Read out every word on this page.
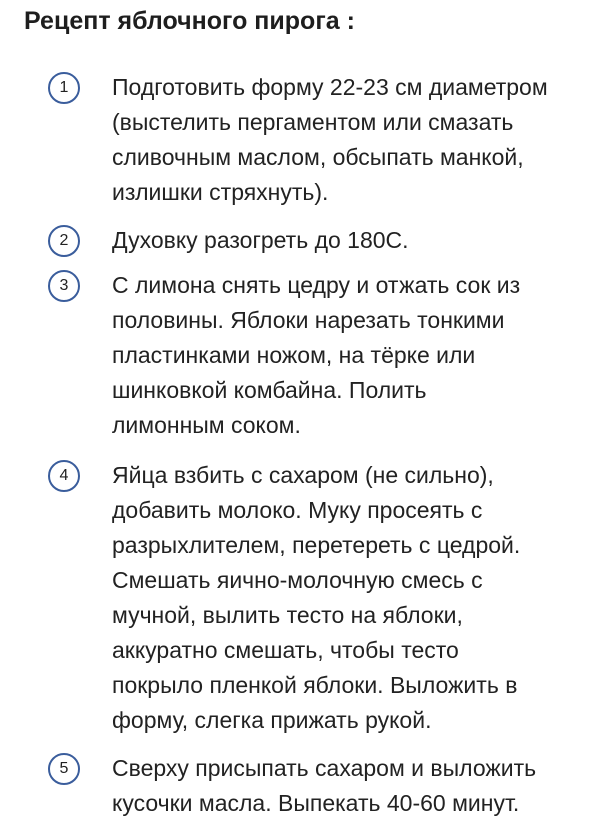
Рецепт яблочного пирога :
1	Подготовить форму 22-23 см диаметром
(выстелить пергаментом или смазать
сливочным маслом, обсыпать манкой,
излишки стряхнуть).
2	Духовку разогреть до 180С.
3	С лимона снять цедру и отжать сок из
половины. Яблоки нарезать тонкими
пластинками ножом, на тёрке или
шинковкой комбайна. Полить
лимонным соком.
4	Яйца взбить с сахаром (не сильно),
добавить молоко. Муку просеять с
разрыхлителем, перетереть с цедрой.
Смешать яично-молочную смесь с
мучной, вылить тесто на яблоки,
аккуратно смешать, чтобы тесто
покрыло пленкой яблоки. Выложить в
форму, слегка прижать рукой.
5	Сверху присыпать сахаром и выложить
кусочки масла. Выпекать 40-60 минут.
